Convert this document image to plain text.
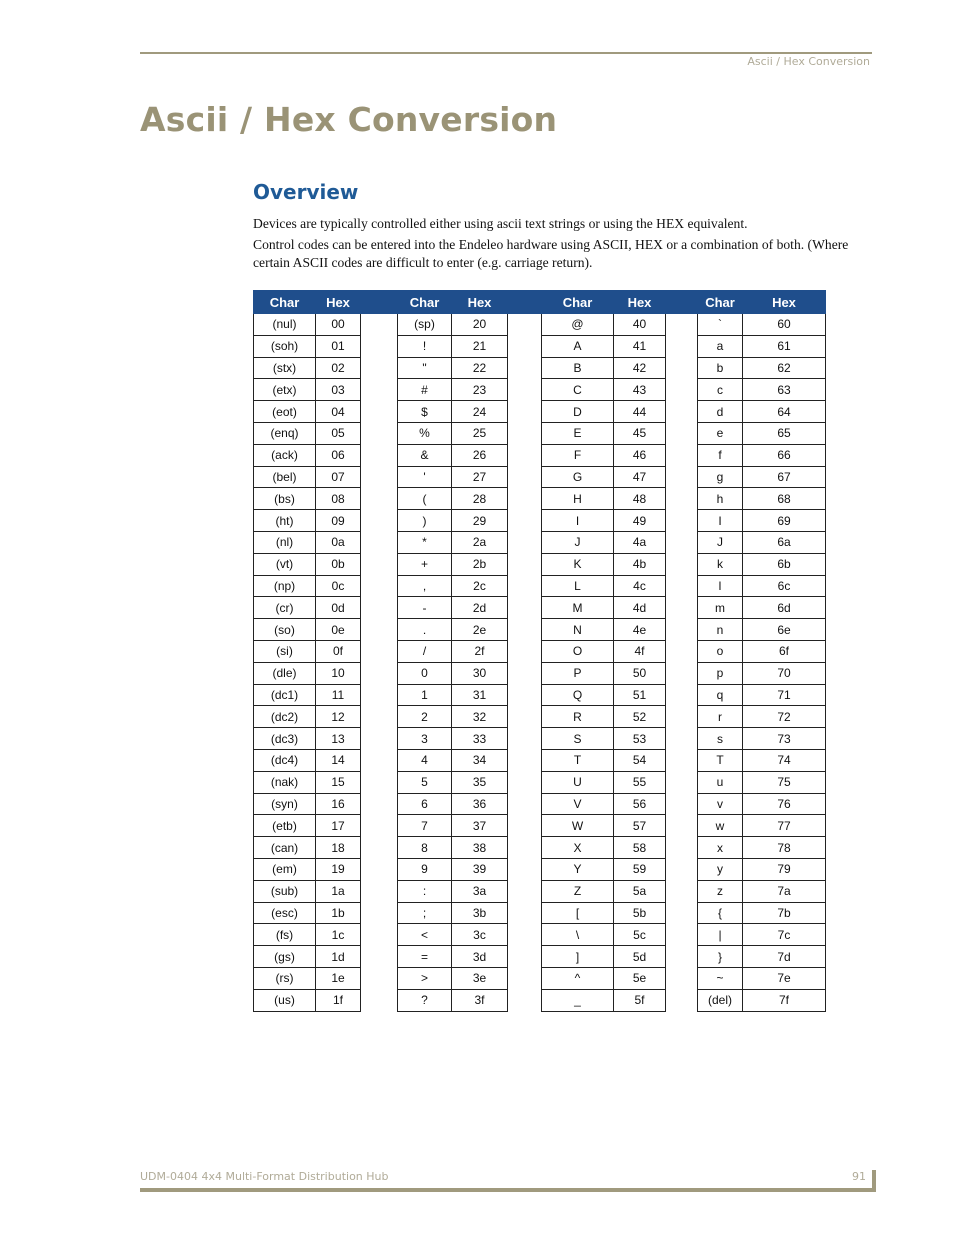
Ascii / Hex Conversion
Ascii / Hex Conversion
Overview

Devices are typically controlled either using ascii text strings or using the HEX equivalent.

Control codes can be entered into the Endeleo hardware using ASCII, HEX or a combination of both. (Where certain ASCII codes are difficult to enter (e.g. carriage return).

Char	Hex		Char	Hex		Char	Hex		Char	Hex
(nul)	00		(sp)	20		@	40		`	60
(soh)	01		!	21		A	41		a	61
(stx)	02		"	22		B	42		b	62
(etx)	03		#	23		C	43		c	63
(eot)	04		$	24		D	44		d	64
(enq)	05		%	25		E	45		e	65
(ack)	06		&	26		F	46		f	66
(bel)	07		'	27		G	47		g	67
(bs)	08		(	28		H	48		h	68
(ht)	09		)	29		I	49		I	69
(nl)	0a		*	2a		J	4a		J	6a
(vt)	0b		+	2b		K	4b		k	6b
(np)	0c		,	2c		L	4c		l	6c
(cr)	0d		-	2d		M	4d		m	6d
(so)	0e		.	2e		N	4e		n	6e
(si)	0f		/	2f		O	4f		o	6f
(dle)	10		0	30		P	50		p	70
(dc1)	11		1	31		Q	51		q	71
(dc2)	12		2	32		R	52		r	72
(dc3)	13		3	33		S	53		s	73
(dc4)	14		4	34		T	54		T	74
(nak)	15		5	35		U	55		u	75
(syn)	16		6	36		V	56		v	76
(etb)	17		7	37		W	57		w	77
(can)	18		8	38		X	58		x	78
(em)	19		9	39		Y	59		y	79
(sub)	1a		:	3a		Z	5a		z	7a
(esc)	1b		;	3b		[	5b		{	7b
(fs)	1c		<	3c		\	5c		|	7c
(gs)	1d		=	3d		]	5d		}	7d
(rs)	1e		>	3e		^	5e		~	7e
(us)	1f		?	3f		_	5f		(del)	7f
UDM-0404 4x4 Multi-Format Distribution Hub	91
